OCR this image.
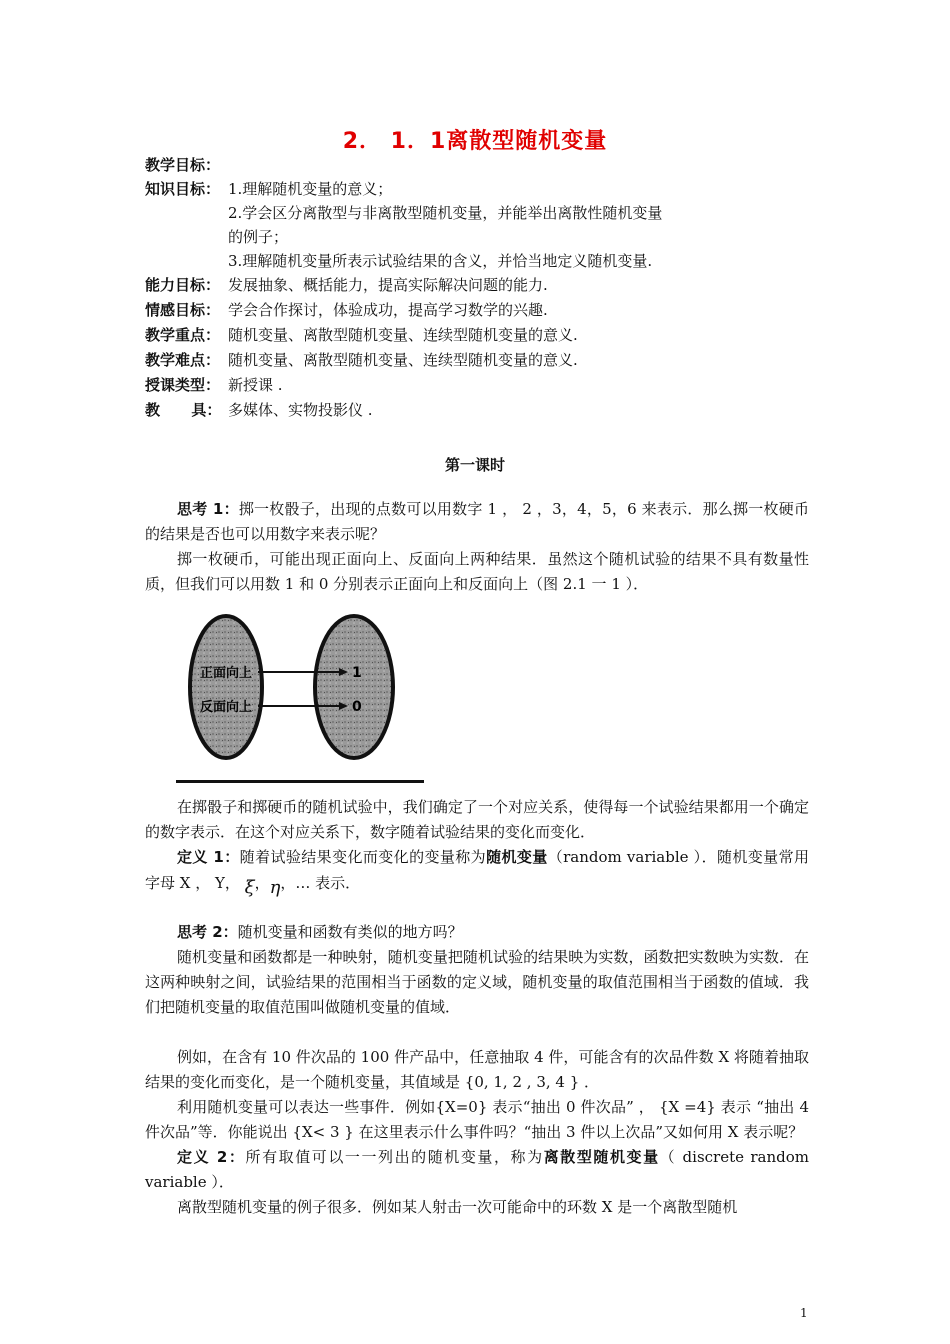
2． 1．1离散型随机变量
教学目标：
知识目标： 1.理解随机变量的意义；
2.学会区分离散型与非离散型随机变量，并能举出离散性随机变量
的例子；
3.理解随机变量所表示试验结果的含义，并恰当地定义随机变量.
能力目标： 发展抽象、概括能力，提高实际解决问题的能力.
情感目标： 学会合作探讨，体验成功，提高学习数学的兴趣.
教学重点： 随机变量、离散型随机变量、连续型随机变量的意义.
教学难点： 随机变量、离散型随机变量、连续型随机变量的意义.
授课类型： 新授课 .
教      具： 多媒体、实物投影仪 .
第一课时
思考 1：掷一枚骰子，出现的点数可以用数字 1 ， 2 ，3，4，5，6 来表示．那么掷一枚硬币的结果是否也可以用数字来表示呢？
掷一枚硬币，可能出现正面向上、反面向上两种结果．虽然这个随机试验的结果不具有数量性质，但我们可以用数 1 和 0 分别表示正面向上和反面向上（图 2.1 一 1 ）．
正面向上
反面向上
1
0
在掷骰子和掷硬币的随机试验中，我们确定了一个对应关系，使得每一个试验结果都用一个确定的数字表示．在这个对应关系下，数字随着试验结果的变化而变化．
定义 1：随着试验结果变化而变化的变量称为随机变量（random variable ）．随机变量常用字母 X ， Y， ξ，η，… 表示．
思考 2：随机变量和函数有类似的地方吗？
随机变量和函数都是一种映射，随机变量把随机试验的结果映为实数，函数把实数映为实数．在这两种映射之间，试验结果的范围相当于函数的定义域，随机变量的取值范围相当于函数的值域．我们把随机变量的取值范围叫做随机变量的值域．
例如，在含有 10 件次品的 100 件产品中，任意抽取 4 件，可能含有的次品件数 X 将随着抽取结果的变化而变化，是一个随机变量，其值域是 {0, 1, 2 , 3, 4 } ．
利用随机变量可以表达一些事件．例如{X=0} 表示“抽出 0 件次品” ， {X =4} 表示 “抽出 4 件次品”等．你能说出 {X< 3 } 在这里表示什么事件吗？“抽出 3 件以上次品”又如何用 X 表示呢？
定义 2：所有取值可以一一列出的随机变量，称为离散型随机变量（ discrete random variable ）．
离散型随机变量的例子很多．例如某人射击一次可能命中的环数 X 是一个离散型随机
1
